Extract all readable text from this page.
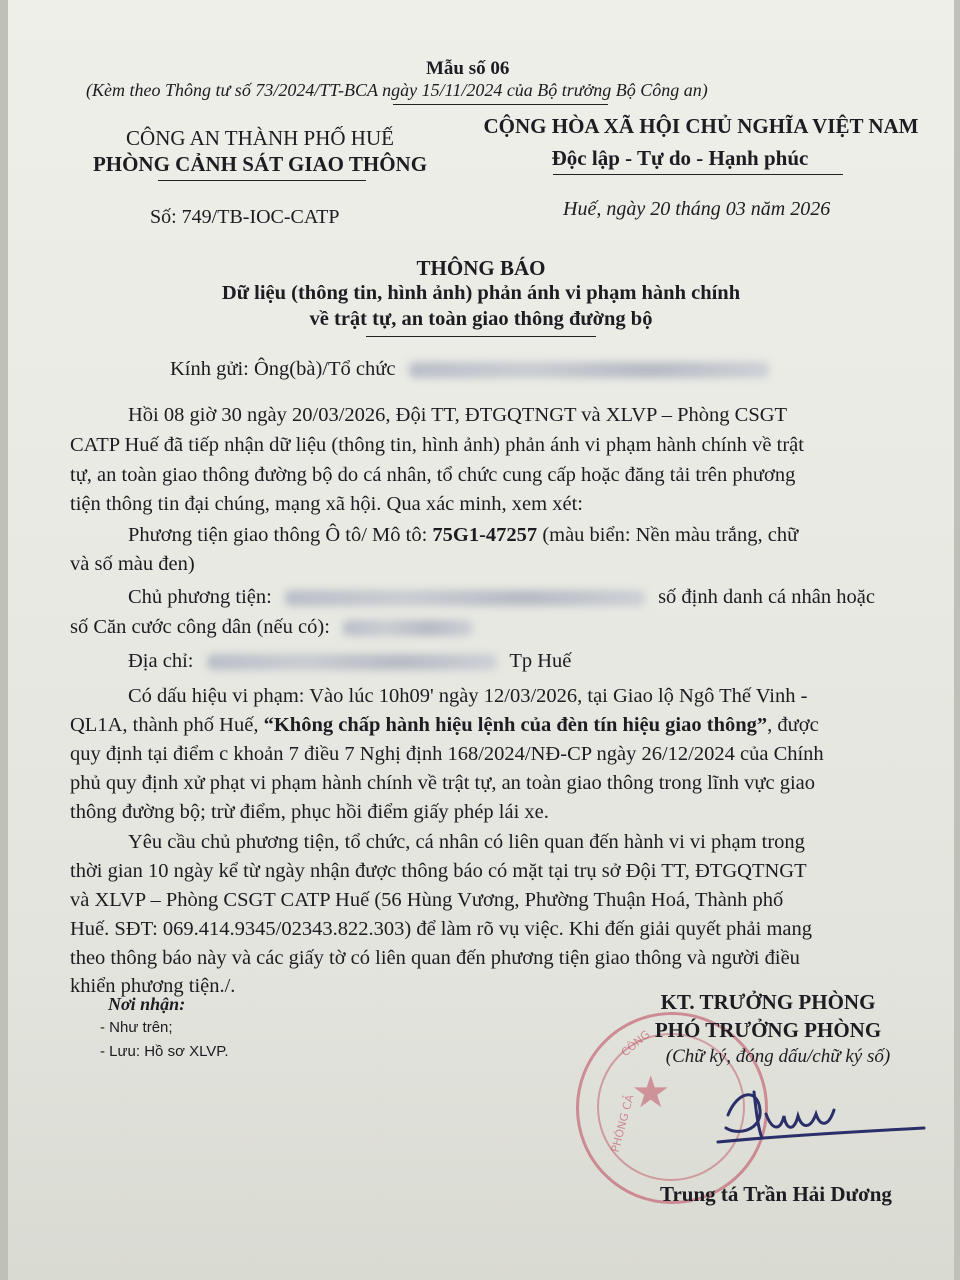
Mẫu số 06
(Kèm theo Thông tư số 73/2024/TT-BCA ngày 15/11/2024 của Bộ trưởng Bộ Công an)
CÔNG AN THÀNH PHỐ HUẾ
PHÒNG CẢNH SÁT GIAO THÔNG
CỘNG HÒA XÃ HỘI CHỦ NGHĨA VIỆT NAM
Độc lập - Tự do - Hạnh phúc
Số: 749/TB-IOC-CATP	Huế, ngày 20 tháng 03 năm 2026
THÔNG BÁO
Dữ liệu (thông tin, hình ảnh) phản ánh vi phạm hành chính
về trật tự, an toàn giao thông đường bộ
Kính gửi: Ông(bà)/Tổ chức
Hồi 08 giờ 30 ngày 20/03/2026, Đội TT, ĐTGQTNGT và XLVP – Phòng CSGT
CATP Huế đã tiếp nhận dữ liệu (thông tin, hình ảnh) phản ánh vi phạm hành chính về trật
tự, an toàn giao thông đường bộ do cá nhân, tổ chức cung cấp hoặc đăng tải trên phương
tiện thông tin đại chúng, mạng xã hội. Qua xác minh, xem xét:
Phương tiện giao thông Ô tô/ Mô tô: 75G1-47257 (màu biển: Nền màu trắng, chữ
và số màu đen)
Chủ phương tiện:	số định danh cá nhân hoặc
số Căn cước công dân (nếu có):
Địa chỉ:	Tp Huế
Có dấu hiệu vi phạm: Vào lúc 10h09' ngày 12/03/2026, tại Giao lộ Ngô Thế Vinh -
QL1A, thành phố Huế, “Không chấp hành hiệu lệnh của đèn tín hiệu giao thông”, được
quy định tại điểm c khoản 7 điều 7 Nghị định 168/2024/NĐ-CP ngày 26/12/2024 của Chính
phủ quy định xử phạt vi phạm hành chính về trật tự, an toàn giao thông trong lĩnh vực giao
thông đường bộ; trừ điểm, phục hồi điểm giấy phép lái xe.
Yêu cầu chủ phương tiện, tổ chức, cá nhân có liên quan đến hành vi vi phạm trong
thời gian 10 ngày kể từ ngày nhận được thông báo có mặt tại trụ sở Đội TT, ĐTGQTNGT
và XLVP – Phòng CSGT CATP Huế (56 Hùng Vương, Phường Thuận Hoá, Thành phố
Huế. SĐT: 069.414.9345/02343.822.303) để làm rõ vụ việc. Khi đến giải quyết phải mang
theo thông báo này và các giấy tờ có liên quan đến phương tiện giao thông và người điều
khiển phương tiện./.
Nơi nhận:
- Như trên;
- Lưu: Hồ sơ XLVP.
★
CÔNG
PHÒNG CẢ
KT. TRƯỞNG PHÒNG
PHÓ TRƯỞNG PHÒNG
(Chữ ký, đóng dấu/chữ ký số)
Trung tá Trần Hải Dương
